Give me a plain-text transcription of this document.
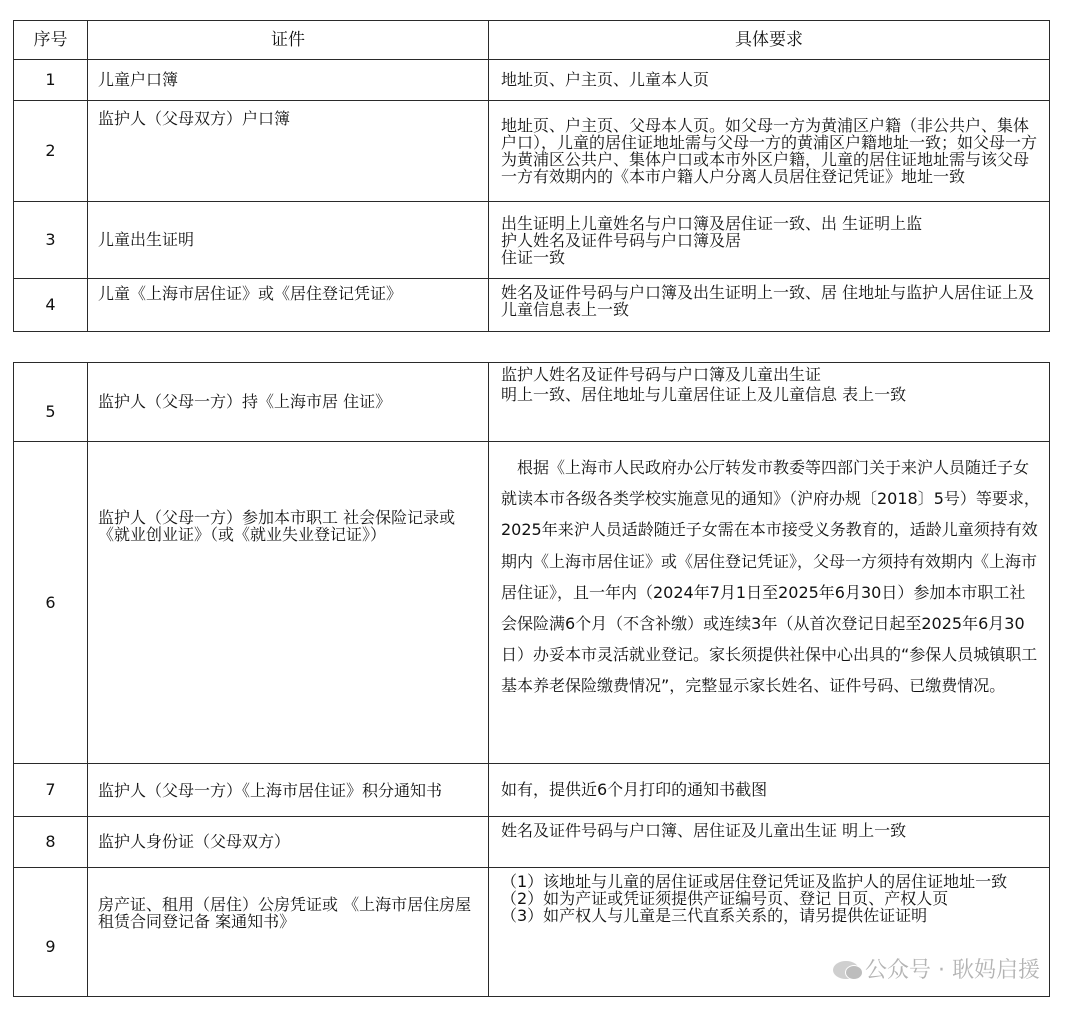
序号	证件	具体要求
1	儿童户口簿	地址页、户主页、儿童本人页
2	监护人（父母双方）户口簿	地址页、户主页、父母本人页。如父母一方为黄浦区户籍（非公共户、集体户口），儿童的居住证地址需与父母一方的黄浦区户籍地址一致；如父母一方为黄浦区公共户、集体户口或本市外区户籍，儿童的居住证地址需与该父母一方有效期内的《本市户籍人户分离人员居住登记凭证》地址一致
3	儿童出生证明	出生证明上儿童姓名与户口簿及居住证一致、出 生证明上监
护人姓名及证件号码与户口簿及居
住证一致

4	儿童《上海市居住证》或《居住登记凭证》	姓名及证件号码与户口簿及出生证明上一致、居 住地址与监护人居住证上及儿童信息表上一致
5	监护人（父母一方）持《上海市居 住证》	监护人姓名及证件号码与户口簿及儿童出生证
明上一致、居住地址与儿童居住证上及儿童信息 表上一致

6	监护人（父母一方）参加本市职工 社会保险记录或《就业创业证》（或《就业失业登记证》）	根据《上海市人民政府办公厅转发市教委等四部门关于来沪人员随迁子女就读本市各级各类学校实施意见的通知》（沪府办规〔2018〕5号）等要求，2025年来沪人员适龄随迁子女需在本市接受义务教育的，适龄儿童须持有效期内《上海市居住证》或《居住登记凭证》，父母一方须持有效期内《上海市居住证》，且一年内（2024年7月1日至2025年6月30日）参加本市职工社会保险满6个月（不含补缴）或连续3年（从首次登记日起至2025年6月30日）办妥本市灵活就业登记。家长须提供社保中心出具的“参保人员城镇职工基本养老保险缴费情况”，完整显示家长姓名、证件号码、已缴费情况。
7	监护人（父母一方）《上海市居住证》积分通知书	如有，提供近6个月打印的通知书截图
8	监护人身份证（父母双方）	姓名及证件号码与户口簿、居住证及儿童出生证 明上一致
9	房产证、租用（居住）公房凭证或 《上海市居住房屋租赁合同登记备 案通知书》	（1）该地址与儿童的居住证或居住登记凭证及监护人的居住证地址一致
（2）如为产证或凭证须提供产证编号页、登记 日页、产权人页
（3）如产权人与儿童是三代直系关系的，请另提供佐证证明
公众号 · 耿妈启援
